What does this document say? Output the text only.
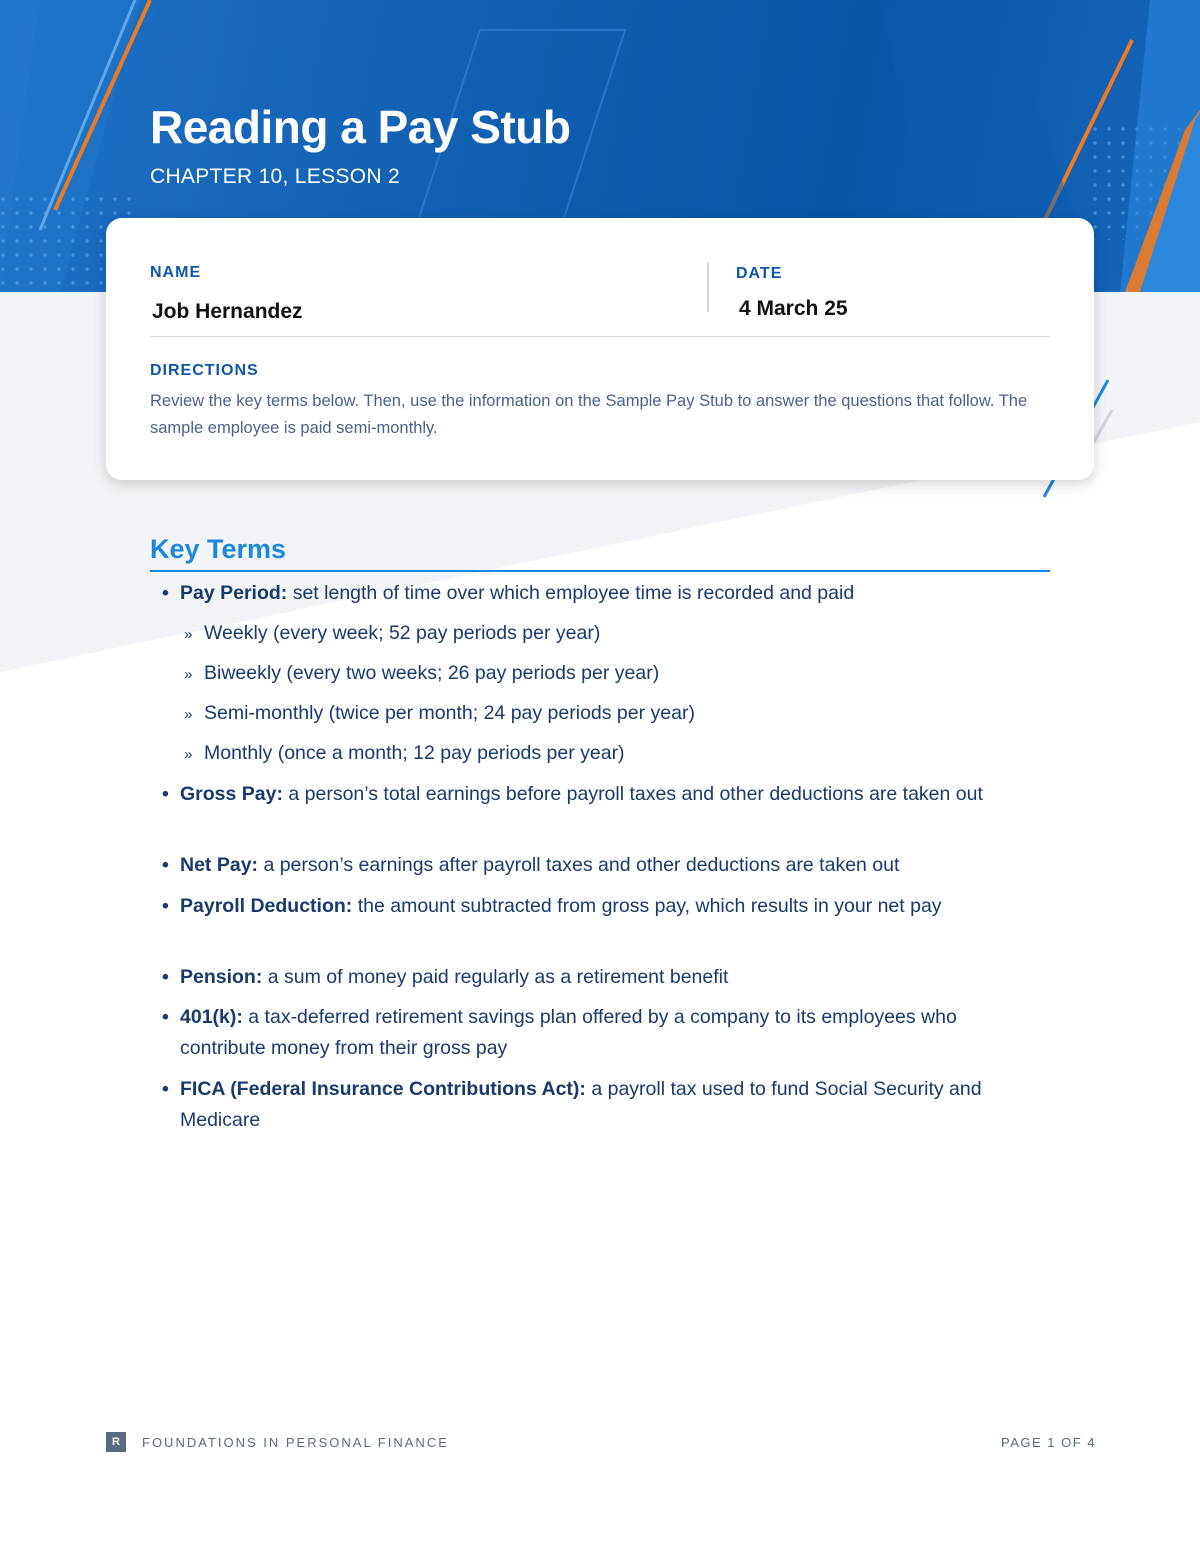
Reading a Pay Stub
CHAPTER 10, LESSON 2
NAME
Job Hernandez
DATE
4 March 25
DIRECTIONS
Review the key terms below. Then, use the information on the Sample Pay Stub to answer the questions that follow. The sample employee is paid semi-monthly.
Key Terms
• Pay Period: set length of time over which employee time is recorded and paid
» Weekly (every week; 52 pay periods per year)
» Biweekly (every two weeks; 26 pay periods per year)
» Semi-monthly (twice per month; 24 pay periods per year)
» Monthly (once a month; 12 pay periods per year)
• Gross Pay: a person’s total earnings before payroll taxes and other deductions are taken out
• Net Pay: a person’s earnings after payroll taxes and other deductions are taken out
• Payroll Deduction: the amount subtracted from gross pay, which results in your net pay
• Pension: a sum of money paid regularly as a retirement benefit
• 401(k): a tax-deferred retirement savings plan offered by a company to its employees who contribute money from their gross pay
• FICA (Federal Insurance Contributions Act): a payroll tax used to fund Social Security and Medicare
R	FOUNDATIONS IN PERSONAL FINANCE	PAGE 1 OF 4
